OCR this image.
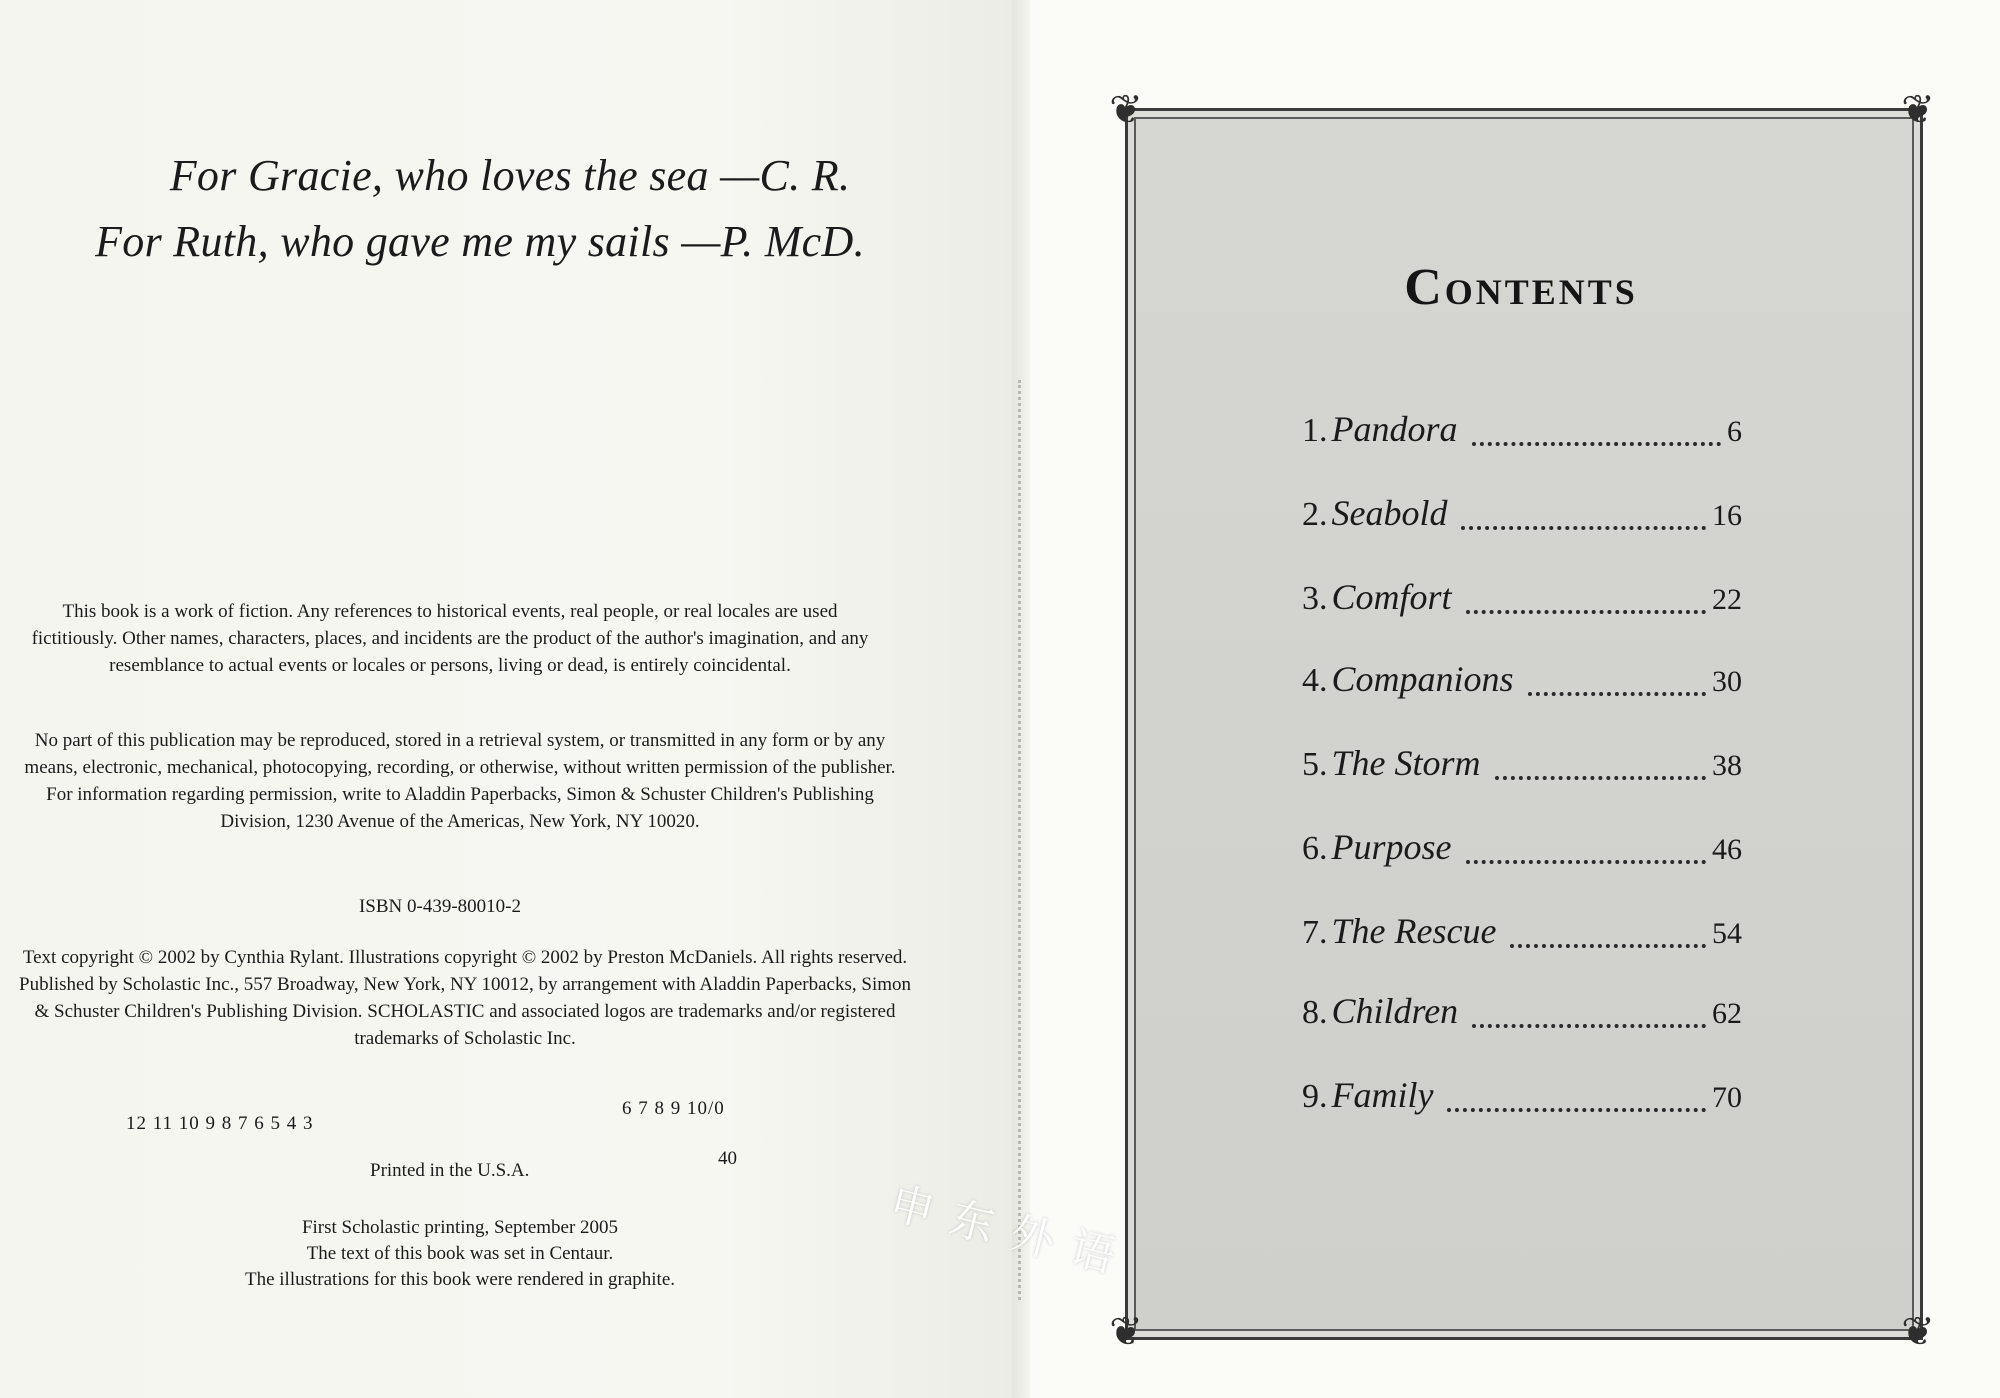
For Gracie, who loves the sea —C. R.
For Ruth, who gave me my sails —P. McD.
This book is a work of fiction. Any references to historical events, real people, or real locales are used fictitiously. Other names, characters, places, and incidents are the product of the author's imagination, and any resemblance to actual events or locales or persons, living or dead, is entirely coincidental.
No part of this publication may be reproduced, stored in a retrieval system, or transmitted in any form or by any means, electronic, mechanical, photocopying, recording, or otherwise, without written permission of the publisher. For information regarding permission, write to Aladdin Paperbacks, Simon & Schuster Children's Publishing Division, 1230 Avenue of the Americas, New York, NY 10020.
ISBN 0-439-80010-2
Text copyright © 2002 by Cynthia Rylant. Illustrations copyright © 2002 by Preston McDaniels. All rights reserved. Published by Scholastic Inc., 557 Broadway, New York, NY 10012, by arrangement with Aladdin Paperbacks, Simon & Schuster Children's Publishing Division. SCHOLASTIC and associated logos are trademarks and/or registered trademarks of Scholastic Inc.
12 11 10 9 8 7 6 5 4 3
6 7 8 9 10/0
40
Printed in the U.S.A.
First Scholastic printing, September 2005
The text of this book was set in Centaur.
The illustrations for this book were rendered in graphite.
❦	❦
❦	❦
Contents
1. Pandora	6
2. Seabold	16
3. Comfort	22
4. Companions	30
5. The Storm	38
6. Purpose	46
7. The Rescue	54
8. Children	62
9. Family	70
申东外语
